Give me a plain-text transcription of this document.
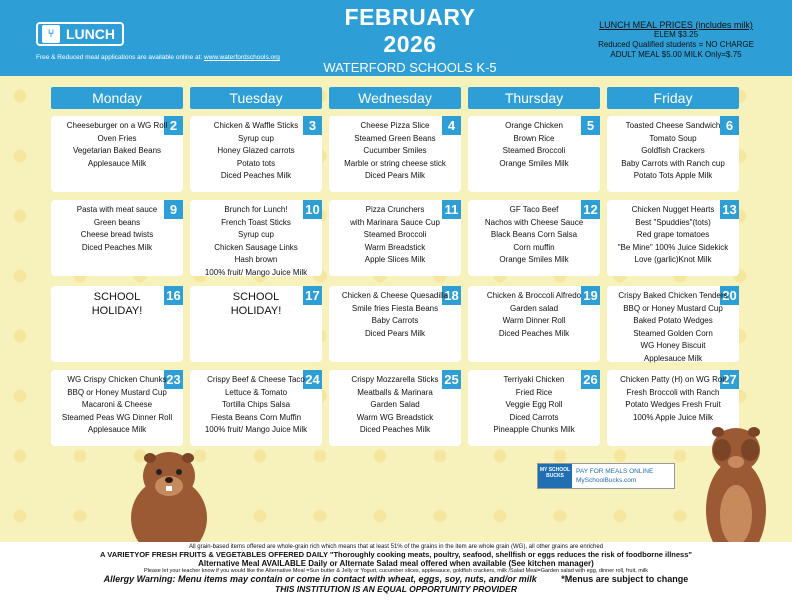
⑂ LUNCH
Free & Reduced meal applications are available online at: www.waterfordschools.org
FEBRUARY 2026
WATERFORD SCHOOLS K-5
LUNCH MEAL PRICES (includes milk)
ELEM $3.25
Reduced Qualified students = NO CHARGE
ADULT MEAL $5.00 MILK Only=$.75
Monday	Tuesday	Wednesday	Thursday	Friday
2
Cheeseburger on a WG Roll
Oven Fries
Vegetarian Baked Beans
Applesauce Milk
3
Chicken & Waffle Sticks
Syrup cup
Honey Glazed carrots
Potato tots
Diced Peaches Milk
4
Cheese Pizza Slice
Steamed Green Beans
Cucumber Smiles
Marble or string cheese stick
Diced Pears Milk
5
Orange Chicken
Brown Rice
Steamed Broccoli
Orange Smiles Milk
6
Toasted Cheese Sandwich
Tomato Soup
Goldfish Crackers
Baby Carrots with Ranch cup
Potato Tots Apple Milk
9
Pasta with meat sauce
Green beans
Cheese bread twists
Diced Peaches Milk
10
Brunch for Lunch!
French Toast Sticks
Syrup cup
Chicken Sausage Links
Hash brown
100% fruit/ Mango Juice Milk
11
Pizza Crunchers
with Marinara Sauce Cup
Steamed Broccoli
Warm Breadstick
Apple Slices Milk
12
GF Taco Beef
Nachos with Cheese Sauce
Black Beans Corn Salsa
Corn muffin
Orange Smiles Milk
13
Chicken Nugget Hearts
Best "Spuddies"(tots)
Red grape tomatoes
"Be Mine" 100% Juice Sidekick
Love (garlic)Knot Milk
16
SCHOOL
HOLIDAY!
17
SCHOOL
HOLIDAY!
18
Chicken & Cheese Quesadilla
Smile fries Fiesta Beans
Baby Carrots
Diced Pears Milk
19
Chicken & Broccoli Alfredo
Garden salad
Warm Dinner Roll
Diced Peaches Milk
20
Crispy Baked Chicken Tenders
BBQ or Honey Mustard Cup
Baked Potato Wedges
Steamed Golden Corn
WG Honey Biscuit
Applesauce Milk
23
WG Crispy Chicken Chunks
BBQ or Honey Mustard Cup
Macaroni & Cheese
Steamed Peas WG Dinner Roll
Applesauce Milk
24
Crispy Beef & Cheese Taco
Lettuce & Tomato
Tortilla Chips Salsa
Fiesta Beans Corn Muffin
100% fruit/ Mango Juice Milk
25
Crispy Mozzarella Sticks
Meatballs & Marinara
Garden Salad
Warm WG Breadstick
Diced Peaches Milk
26
Terriyaki Chicken
Fried Rice
Veggie Egg Roll
Diced Carrots
Pineapple Chunks Milk
27
Chicken Patty (H) on WG Roll
Fresh Broccoli with Ranch
Potato Wedges Fresh Fruit
100% Apple Juice Milk
MY SCHOOL BUCKS
PAY FOR MEALS ONLINE
MySchoolBucks.com
All grain-based items offered are whole-grain rich which means that at least 51% of the grains in the item are whole grain (WG), all other grains are enriched
A VARIETYOF FRESH FRUITS & VEGETABLES OFFERED DAILY "Thoroughly cooking meats, poultry, seafood, shellfish or eggs reduces the risk of foodborne illness"
Alternative Meal AVAILABLE Daily or Alternate Salad meal offered when available (See kitchen manager)
Please let your teacher know if you would like the Alternative Meal =Sun butter & Jelly or Yogurt, cucumber slices, applesauce, goldfish crackers, milk /Salad Meal=Garden salad with egg, dinner roll, fruit, milk
Allergy Warning: Menu items may contain or come in contact with wheat, eggs, soy, nuts, and/or milk	*Menus are subject to change
THIS INSTITUTION IS AN EQUAL OPPORTUNITY PROVIDER
